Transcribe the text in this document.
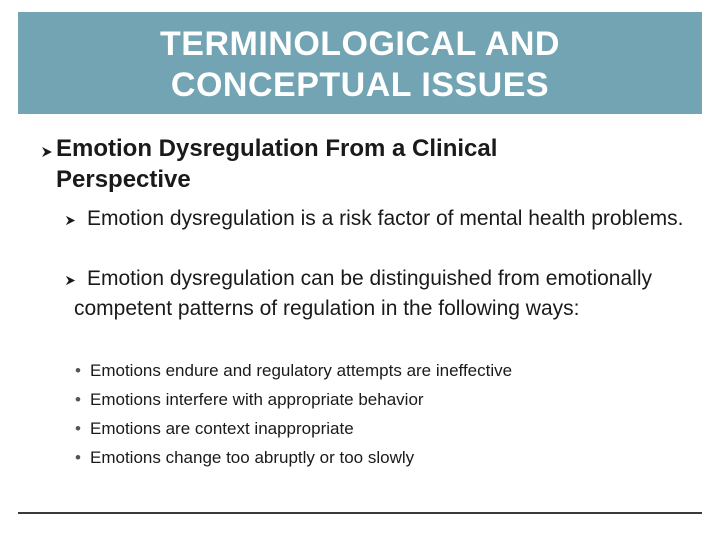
TERMINOLOGICAL AND
CONCEPTUAL ISSUES
Emotion Dysregulation From a Clinical
Perspective
Emotion dysregulation is a risk factor of mental health problems.
Emotion dysregulation can be distinguished from emotionally competent patterns of regulation in the following ways:
• Emotions endure and regulatory attempts are ineffective
• Emotions interfere with appropriate behavior
• Emotions are context inappropriate
• Emotions change too abruptly or too slowly
